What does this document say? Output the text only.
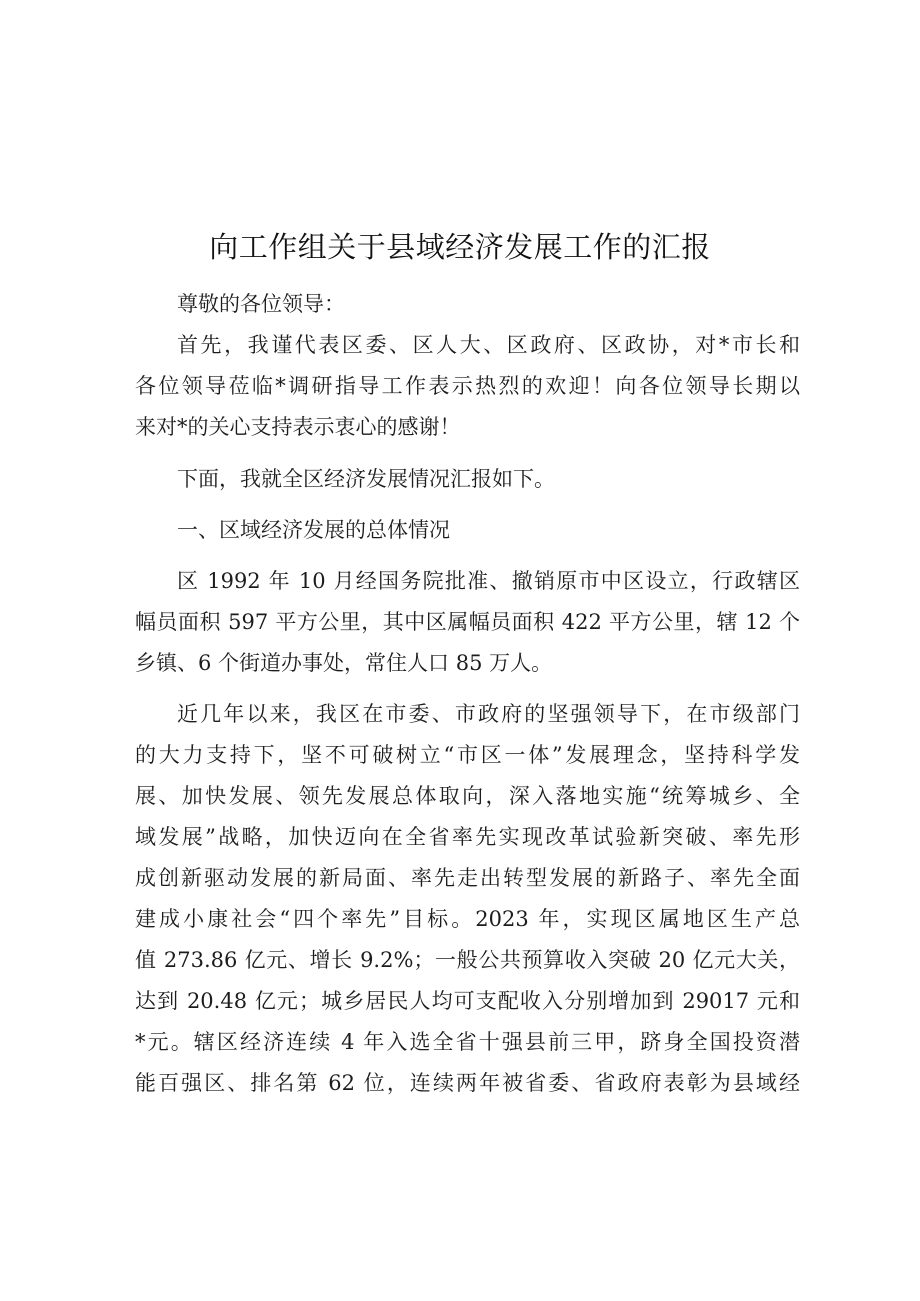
向工作组关于县域经济发展工作的汇报
尊敬的各位领导：
首先，我谨代表区委、区人大、区政府、区政协，对*市长和
各位领导莅临*调研指导工作表示热烈的欢迎！向各位领导长期以
来对*的关心支持表示衷心的感谢！
下面，我就全区经济发展情况汇报如下。
一、区域经济发展的总体情况
区 1992 年 10 月经国务院批准、撤销原市中区设立，行政辖区
幅员面积 597 平方公里，其中区属幅员面积 422 平方公里，辖 12 个
乡镇、6 个街道办事处，常住人口 85 万人。
近几年以来，我区在市委、市政府的坚强领导下，在市级部门
的大力支持下，坚不可破树立“市区一体”发展理念，坚持科学发
展、加快发展、领先发展总体取向，深入落地实施“统筹城乡、全
域发展”战略，加快迈向在全省率先实现改革试验新突破、率先形
成创新驱动发展的新局面、率先走出转型发展的新路子、率先全面
建成小康社会“四个率先”目标。2023 年，实现区属地区生产总
值 273.86 亿元、增长 9.2%；一般公共预算收入突破 20 亿元大关，
达到 20.48 亿元；城乡居民人均可支配收入分别增加到 29017 元和
*元。辖区经济连续 4 年入选全省十强县前三甲，跻身全国投资潜
能百强区、排名第 62 位，连续两年被省委、省政府表彰为县域经
